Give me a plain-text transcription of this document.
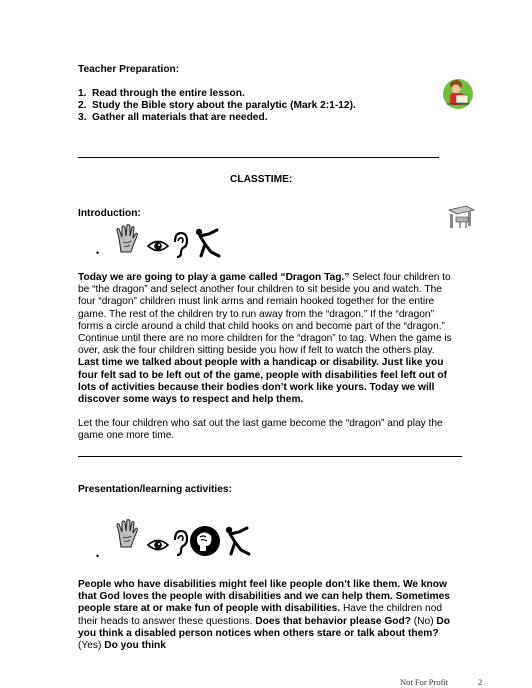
Teacher Preparation:
1. Read through the entire lesson.
2. Study the Bible story about the paralytic (Mark 2:1-12).
3. Gather all materials that are needed.
CLASSTIME:
Introduction:
•

Today we are going to play a game called “Dragon Tag.” Select four children to be “the dragon” and select another four children to sit beside you and watch. The four “dragon” children must link arms and remain hooked together for the entire game. The rest of the children try to run away from the “dragon.” If the “dragon” forms a circle around a child that child hooks on and become part of the “dragon.” Continue until there are no more children for the “dragon” to tag. When the game is over, ask the four children sitting beside you how if felt to watch the others play. Last time we talked about people with a handicap or disability. Just like you four felt sad to be left out of the game, people with disabilities feel left out of lots of activities because their bodies don’t work like yours. Today we will discover some ways to respect and help them.

Let the four children who sat out the last game become the “dragon” and play the game one more time.
Presentation/learning activities:
•

People who have disabilities might feel like people don’t like them. We know that God loves the people with disabilities and we can help them. Sometimes people stare at or make fun of people with disabilities. Have the children nod their heads to answer these questions. Does that behavior please God? (No) Do you think a disabled person notices when others stare or talk about them? (Yes) Do you think

Not For Profit	2
